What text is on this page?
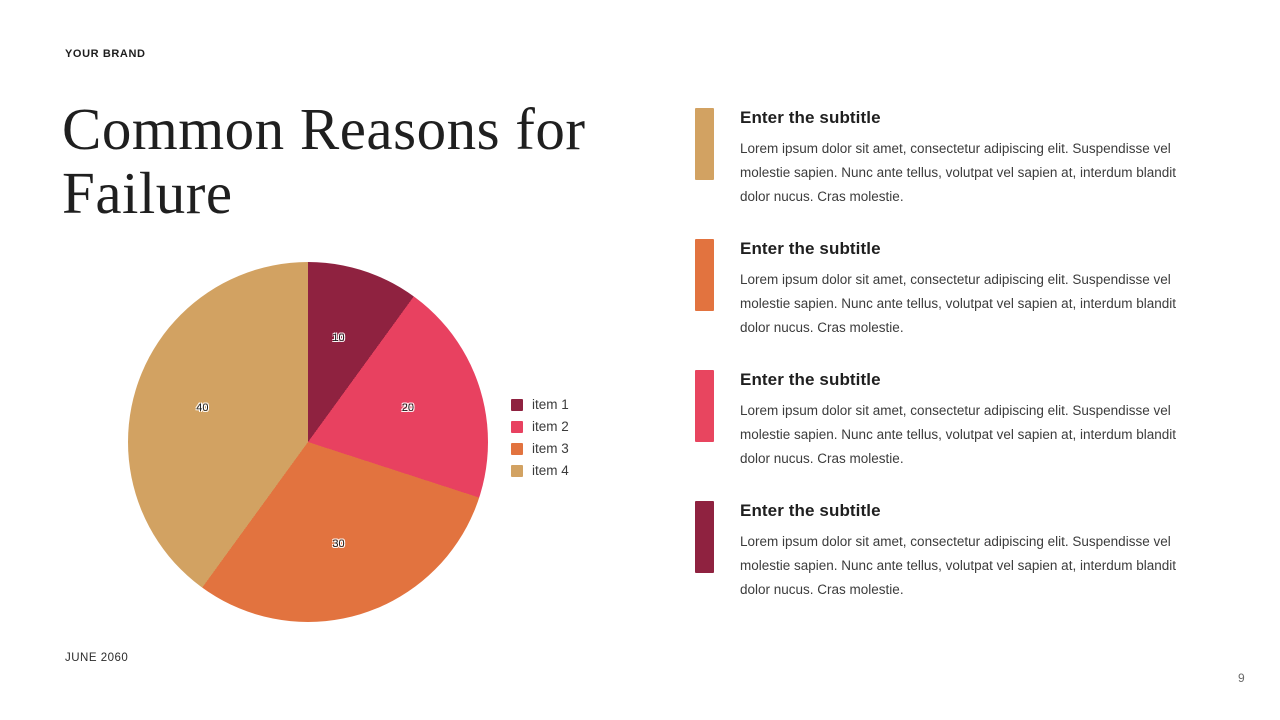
YOUR BRAND
Common Reasons for Failure
10
20
30
40	item 1
item 2
item 3
item 4

Enter the subtitle

Lorem ipsum dolor sit amet, consectetur adipiscing elit. Suspendisse vel molestie sapien. Nunc ante tellus, volutpat vel sapien at, interdum blandit dolor nucus. Cras molestie.

Enter the subtitle

Lorem ipsum dolor sit amet, consectetur adipiscing elit. Suspendisse vel molestie sapien. Nunc ante tellus, volutpat vel sapien at, interdum blandit dolor nucus. Cras molestie.

Enter the subtitle

Lorem ipsum dolor sit amet, consectetur adipiscing elit. Suspendisse vel molestie sapien. Nunc ante tellus, volutpat vel sapien at, interdum blandit dolor nucus. Cras molestie.

Enter the subtitle

Lorem ipsum dolor sit amet, consectetur adipiscing elit. Suspendisse vel molestie sapien. Nunc ante tellus, volutpat vel sapien at, interdum blandit dolor nucus. Cras molestie.

JUNE 2060
9
